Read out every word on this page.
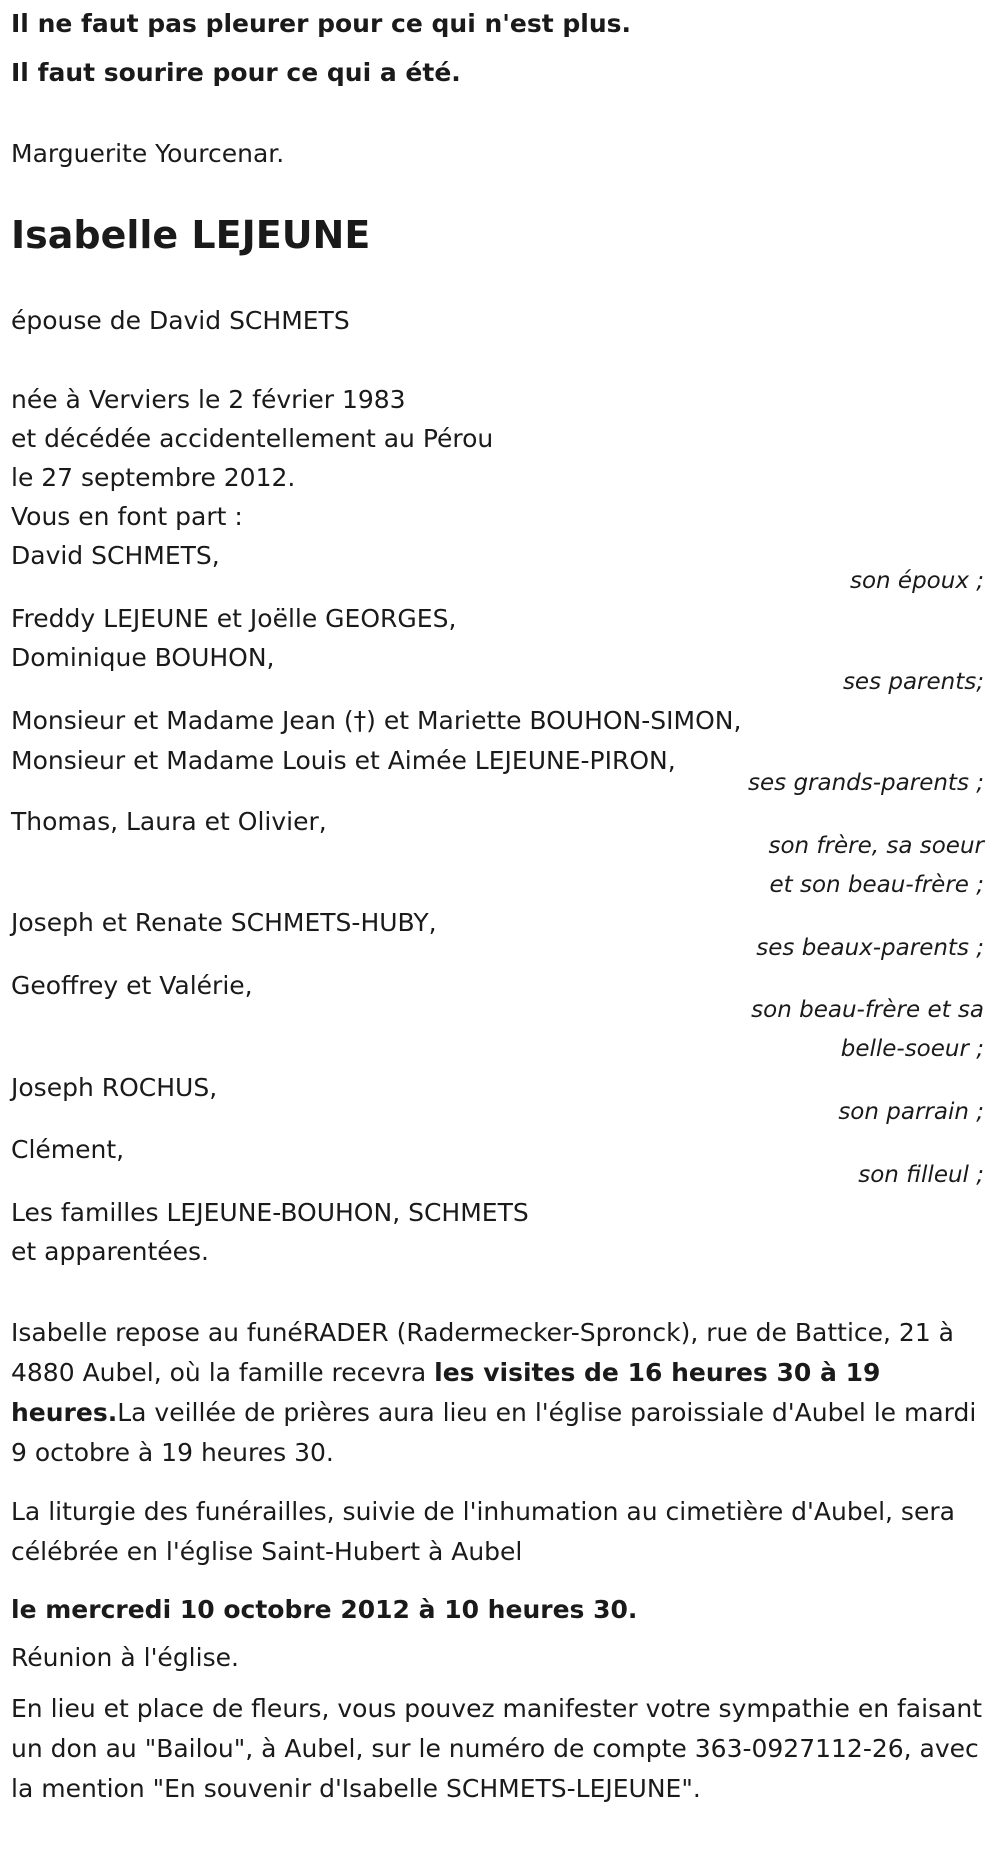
Il ne faut pas pleurer pour ce qui n'est plus.
Il faut sourire pour ce qui a été.
Marguerite Yourcenar.
Isabelle LEJEUNE
épouse de David SCHMETS
née à Verviers le 2 février 1983
et décédée accidentellement au Pérou
le 27 septembre 2012.
Vous en font part :
David SCHMETS,
son époux ;
Freddy LEJEUNE et Joëlle GEORGES,
Dominique BOUHON,
ses parents;
Monsieur et Madame Jean (†) et Mariette BOUHON-SIMON,
Monsieur et Madame Louis et Aimée LEJEUNE-PIRON,
ses grands-parents ;
Thomas, Laura et Olivier,
son frère, sa soeur
et son beau-frère ;
Joseph et Renate SCHMETS-HUBY,
ses beaux-parents ;
Geoffrey et Valérie,
son beau-frère et sa
belle-soeur ;
Joseph ROCHUS,
son parrain ;
Clément,
son filleul ;
Les familles LEJEUNE-BOUHON, SCHMETS
et apparentées.
Isabelle repose au funéRADER (Radermecker-Spronck), rue de Battice, 21 à 4880 Aubel, où la famille recevra les visites de 16 heures 30 à 19 heures.La veillée de prières aura lieu en l'église paroissiale d'Aubel le mardi 9 octobre à 19 heures 30.
La liturgie des funérailles, suivie de l'inhumation au cimetière d'Aubel, sera célébrée en l'église Saint-Hubert à Aubel
le mercredi 10 octobre 2012 à 10 heures 30.
Réunion à l'église.
En lieu et place de fleurs, vous pouvez manifester votre sympathie en faisant un don au "Bailou", à Aubel, sur le numéro de compte 363-0927112-26, avec la mention "En souvenir d'Isabelle SCHMETS-LEJEUNE".
